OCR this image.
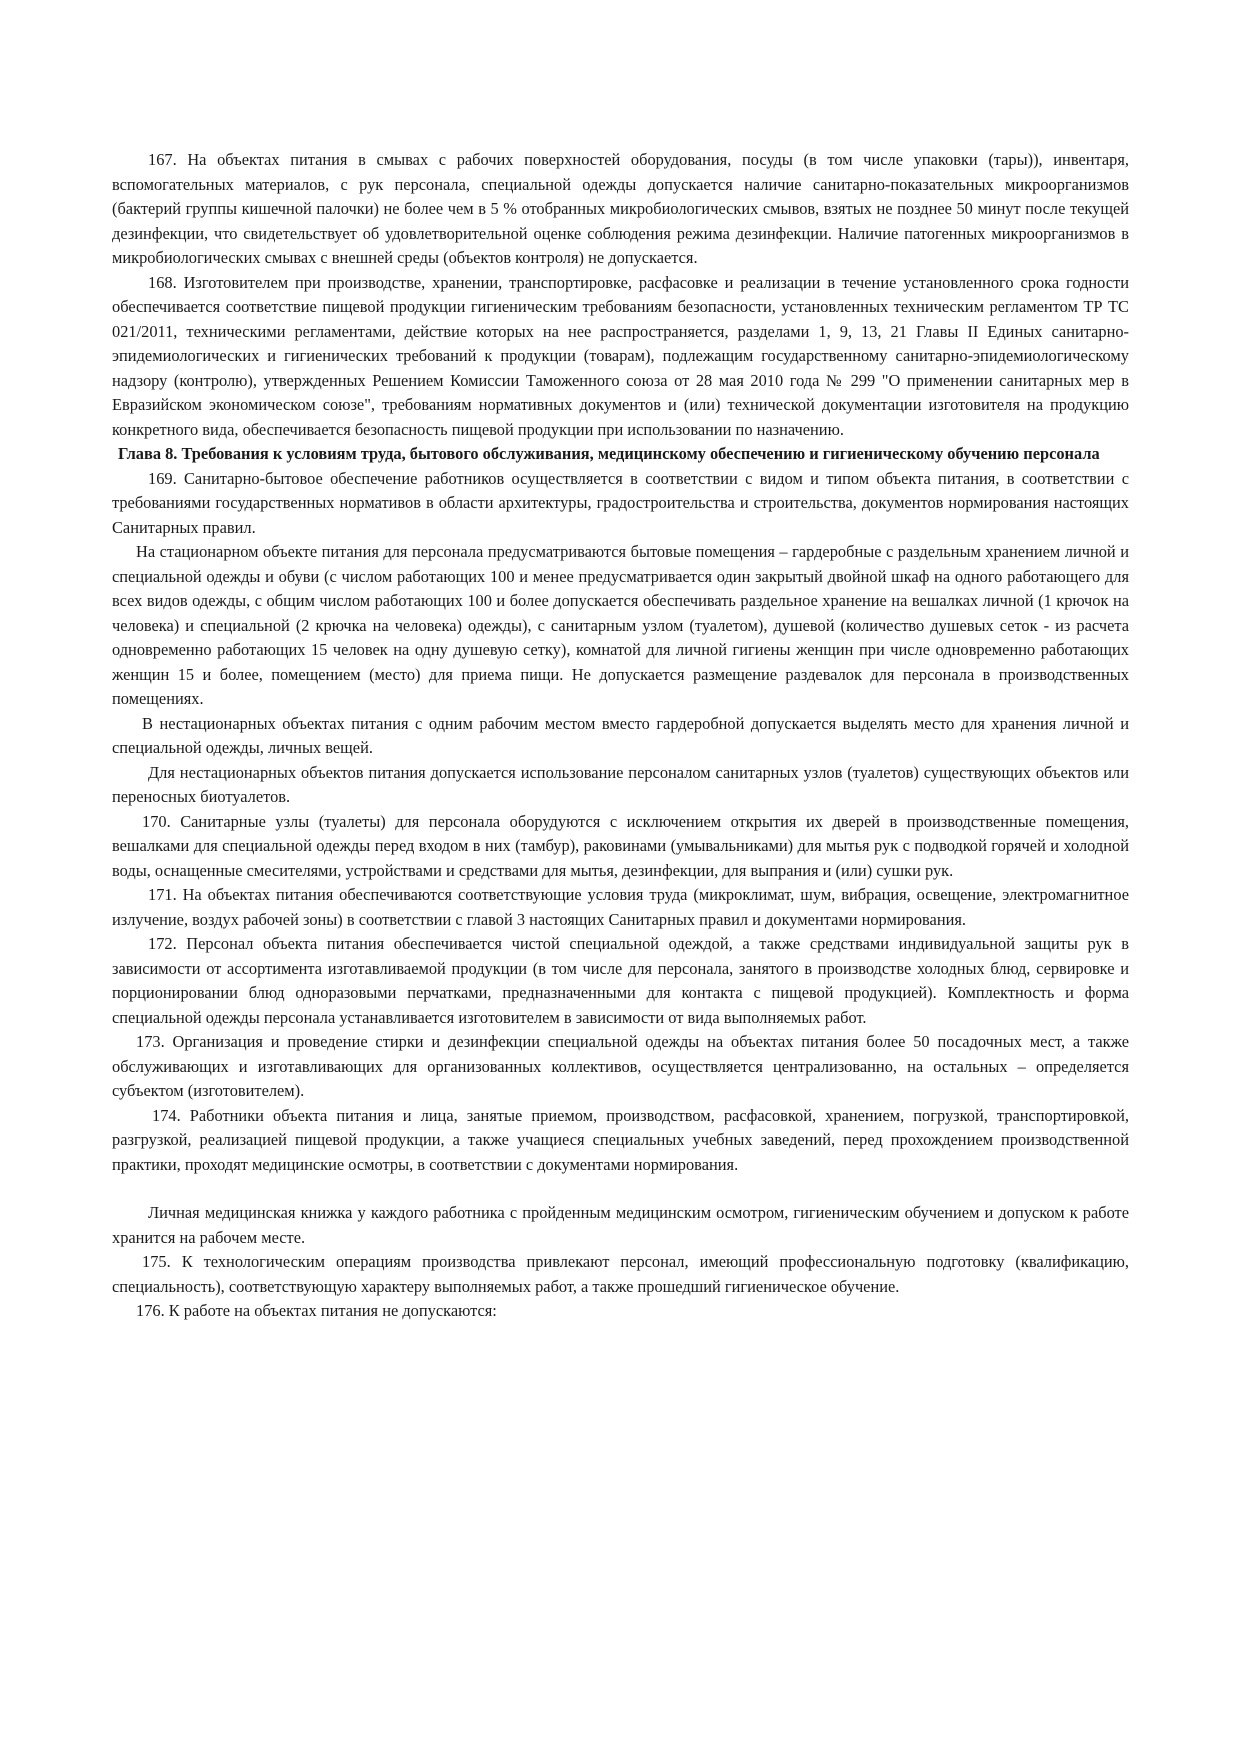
167. На объектах питания в смывах с рабочих поверхностей оборудования, посуды (в том числе упаковки (тары)), инвентаря, вспомогательных материалов, с рук персонала, специальной одежды допускается наличие санитарно-показательных микроорганизмов (бактерий группы кишечной палочки) не более чем в 5 % отобранных микробиологических смывов, взятых не позднее 50 минут после текущей дезинфекции, что свидетельствует об удовлетворительной оценке соблюдения режима дезинфекции. Наличие патогенных микроорганизмов в микробиологических смывах с внешней среды (объектов контроля) не допускается.

168. Изготовителем при производстве, хранении, транспортировке, расфасовке и реализации в течение установленного срока годности обеспечивается соответствие пищевой продукции гигиеническим требованиям безопасности, установленных техническим регламентом ТР ТС 021/2011, техническими регламентами, действие которых на нее распространяется, разделами 1, 9, 13, 21 Главы II Единых санитарно-эпидемиологических и гигиенических требований к продукции (товарам), подлежащим государственному санитарно-эпидемиологическому надзору (контролю), утвержденных Решением Комиссии Таможенного союза от 28 мая 2010 года № 299 "О применении санитарных мер в Евразийском экономическом союзе", требованиям нормативных документов и (или) технической документации изготовителя на продукцию конкретного вида, обеспечивается безопасность пищевой продукции при использовании по назначению.

Глава 8. Требования к условиям труда, бытового обслуживания, медицинскому обеспечению и гигиеническому обучению персонала

169. Санитарно-бытовое обеспечение работников осуществляется в соответствии с видом и типом объекта питания, в соответствии с требованиями государственных нормативов в области архитектуры, градостроительства и строительства, документов нормирования настоящих Санитарных правил.

На стационарном объекте питания для персонала предусматриваются бытовые помещения – гардеробные с раздельным хранением личной и специальной одежды и обуви (с числом работающих 100 и менее предусматривается один закрытый двойной шкаф на одного работающего для всех видов одежды, с общим числом работающих 100 и более допускается обеспечивать раздельное хранение на вешалках личной (1 крючок на человека) и специальной (2 крючка на человека) одежды), с санитарным узлом (туалетом), душевой (количество душевых сеток - из расчета одновременно работающих 15 человек на одну душевую сетку), комнатой для личной гигиены женщин при числе одновременно работающих женщин 15 и более, помещением (место) для приема пищи. Не допускается размещение раздевалок для персонала в производственных помещениях.

В нестационарных объектах питания с одним рабочим местом вместо гардеробной допускается выделять место для хранения личной и специальной одежды, личных вещей.

Для нестационарных объектов питания допускается использование персоналом санитарных узлов (туалетов) существующих объектов или переносных биотуалетов.

170. Санитарные узлы (туалеты) для персонала оборудуются с исключением открытия их дверей в производственные помещения, вешалками для специальной одежды перед входом в них (тамбур), раковинами (умывальниками) для мытья рук с подводкой горячей и холодной воды, оснащенные смесителями, устройствами и средствами для мытья, дезинфекции, для выпрания и (или) сушки рук.

171. На объектах питания обеспечиваются соответствующие условия труда (микроклимат, шум, вибрация, освещение, электромагнитное излучение, воздух рабочей зоны) в соответствии с главой 3 настоящих Санитарных правил и документами нормирования.

172. Персонал объекта питания обеспечивается чистой специальной одеждой, а также средствами индивидуальной защиты рук в зависимости от ассортимента изготавливаемой продукции (в том числе для персонала, занятого в производстве холодных блюд, сервировке и порционировании блюд одноразовыми перчатками, предназначенными для контакта с пищевой продукцией). Комплектность и форма специальной одежды персонала устанавливается изготовителем в зависимости от вида выполняемых работ.

173. Организация и проведение стирки и дезинфекции специальной одежды на объектах питания более 50 посадочных мест, а также обслуживающих и изготавливающих для организованных коллективов, осуществляется централизованно, на остальных – определяется субъектом (изготовителем).

174. Работники объекта питания и лица, занятые приемом, производством, расфасовкой, хранением, погрузкой, транспортировкой, разгрузкой, реализацией пищевой продукции, а также учащиеся специальных учебных заведений, перед прохождением производственной практики, проходят медицинские осмотры, в соответствии с документами нормирования.

Личная медицинская книжка у каждого работника с пройденным медицинским осмотром, гигиеническим обучением и допуском к работе хранится на рабочем месте.

175. К технологическим операциям производства привлекают персонал, имеющий профессиональную подготовку (квалификацию, специальность), соответствующую характеру выполняемых работ, а также прошедший гигиеническое обучение.

176. К работе на объектах питания не допускаются:
